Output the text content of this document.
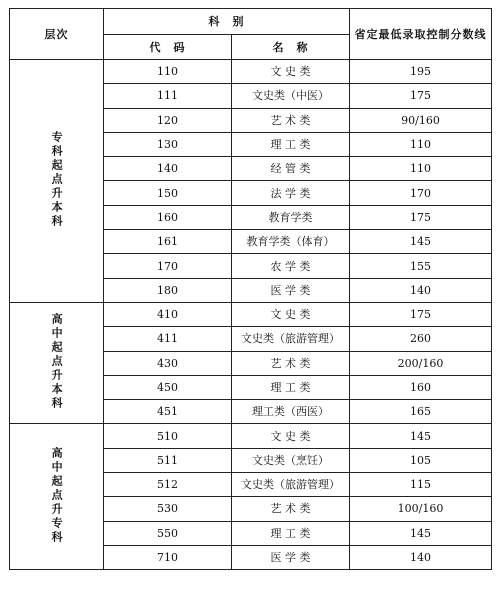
层次	科　别		省定最低录取控制分数线
	代　码	名　称	
专科起点升本科	110	文 史 类	195
	111	文史类（中医）	175
	120	艺 术 类	90/160
	130	理 工 类	110
	140	经 管 类	110
	150	法 学 类	170
	160	教育学类	175
	161	教育学类（体育）	145
	170	农 学 类	155
	180	医 学 类	140
高中起点升本科	410	文 史 类	175
	411	文史类（旅游管理）	260
	430	艺 术 类	200/160
	450	理 工 类	160
	451	理工类（西医）	165
高中起点升专科	510	文 史 类	145
	511	文史类（烹饪）	105
	512	文史类（旅游管理）	115
	530	艺 术 类	100/160
	550	理 工 类	145
	710	医 学 类	140
